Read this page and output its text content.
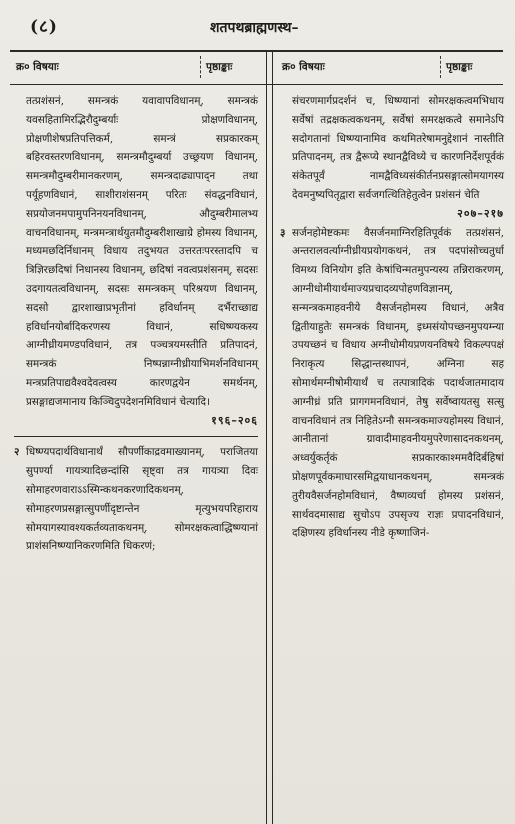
(८)	शतपथब्राह्मणस्थ–
क्र० विषयाः	पृष्ठाङ्काः	क्र० विषयाः	पृष्ठाङ्काः

तत्प्रशंसनं, समन्त्रकं यवावापविधानम्, समन्त्रकं यवसहितामिरद्भिरौदुम्बर्याः प्रोक्षणविधानम्, प्रोक्षणीशेषप्रतिपत्तिकर्म, समन्त्रं सप्रकारकम् बहिरवस्तरणविधानम्, समन्त्रमौदुम्बर्या उच्छ्रयण विधानम्, समन्त्रमौदुम्बरीमानकरणम्, समन्त्रदाढ्यापाद्न तथा पर्यूहणविधानं, साशीराशंसनम् परितः संवद्धनविधानं, सप्रयोजनमपामुपनिनयनविधानम्, औदुम्बरीमालभ्य वाचनविधानम्, मन्त्रमन्त्रार्थयुतमौदुम्बरीशाखाग्रे होमस्य विधानम्, मध्यमछदिर्निधानम् विधाय तदुभयत उत्तरतःपरस्तादपि च त्रिज्ञिरछदिषां निधानस्य विधानम्, छदिषां नवत्वप्रशंसनम्, सदसः उदगायतत्वविधानम्, सदसः समन्त्रकम् परिश्रयण विधानम्, सदसो द्वारशाखाप्रभृतीनां हविर्धानम् दर्भैराच्छाद्य हविर्धानयोर्बादिकरणस्य विधानं, सधिष्ण्यकस्य आग्नीध्रीयमण्डपविधानं, तत्र पञ्चत्रयमस्तीति प्रतिपादनं, समन्त्रकं निष्पन्नाग्नीध्रीयाभिमर्शनविधानम् मन्त्रप्रतिपाद्यवैश्वदेवत्वस्य कारणद्वयेन समर्थनम्, प्रसङ्गाद्यजमानाय किञ्चिदुपदेशनमिविधानं चेत्यादि।

१९६–२०६
२ धिष्ण्यपदार्थविधानार्थं सौपर्णीकाद्रवमाख्यानम्, पराजितया सुपर्ण्या गायत्र्यादिछन्दांसि सृष्ट्वा तत्र गायत्र्या दिवः सोमाहरणवाराऽऽस्मिन्कथनकरणादिकथनम्, सोमाहरणप्रसङ्गात्सुपर्णीदृष्टान्तेन मृत्युभयपरिहाराय सोमयागस्यावश्यकर्तव्यताकथनम्, सोमरक्षकत्वाद्धिष्ण्यानां प्राशंसनिष्ण्यानिकरणमिति धिकरणं;

संचरणमार्गप्रदर्शनं च, धिष्ण्यानां सोमरक्षकत्वमभिधाय सर्वेषां तद्रक्षकत्वकथनम्, सर्वेषां समरक्षकत्वे समानेऽपि सदोगतानां धिष्ण्यानामिव कथमितरेषामनुद्देशानं नास्तीति प्रतिपादनम्, तत्र द्वैरूप्ये स्थानद्वैविध्ये च कारणनिर्देशपूर्वकं संकेतपूर्वं नामद्वैविध्यसंकीर्तनप्रसङ्गात्सोमयागस्य देवमनुष्यपितृद्वारा सर्वजगत्थितिहेतुत्वेन प्रशंसनं चेति

२०७–२१७
३ सर्जनहोमेष्टकमः वैसर्जनमाग्निरहितिपूर्वकं तत्प्रशंसनं, अन्तरालवर्त्याग्नीध्रीयप्रयोगकथनं, तत्र पदपांसोच्चतुर्धा विमथ्य विनियोग इति केषांचिन्मतमुपन्यस्य तन्निराकरणम्, आग्नीधोमीयार्थमाज्यप्रचादव्यपोहणविज्ञानम्, सन्मन्त्रकमाहवनीये वैसर्जनहोमस्य विधानं, अत्रैव द्वितीयाहुतेः समन्त्रकं विधानम्, इध्मसंयोपच्छनमुपयम्न्या उपयच्छनं च विधाय अग्नीधोमीयप्रणयनविषये विकल्पपक्षं निराकृत्य सिद्धान्तस्थापनं, अग्निना सह सोमार्थमग्नीषोमीयार्थं च तत्पात्रादिकं पदार्थजातमादाय आग्नीध्रं प्रति प्रागगमनविधानं, तेषु सर्वेष्वायतसु सत्सु वाचनविधानं तत्र निहितेऽग्नौ समन्त्रकमाज्यहोमस्य विधानं, आनीतानां ग्रावादीमाहवनीयमुपरेणासादनकथनम्, अध्वर्युकर्तृकं सप्रकारकाश्ममवैदिर्बहिषां प्रोक्षणपूर्वकमाघारसमिद्वयाधानकथनम्, समन्त्रकं तुरीयवैसर्जनहोमविधानं, वैष्णव्यर्चा होमस्य प्रशंसनं, सार्थवदमासाद्य सुचोऽप उपसृज्य राज्ञः प्रपादनविधानं, दक्षिणस्य हविर्धानस्य नीडे कृष्णाजिनं-
